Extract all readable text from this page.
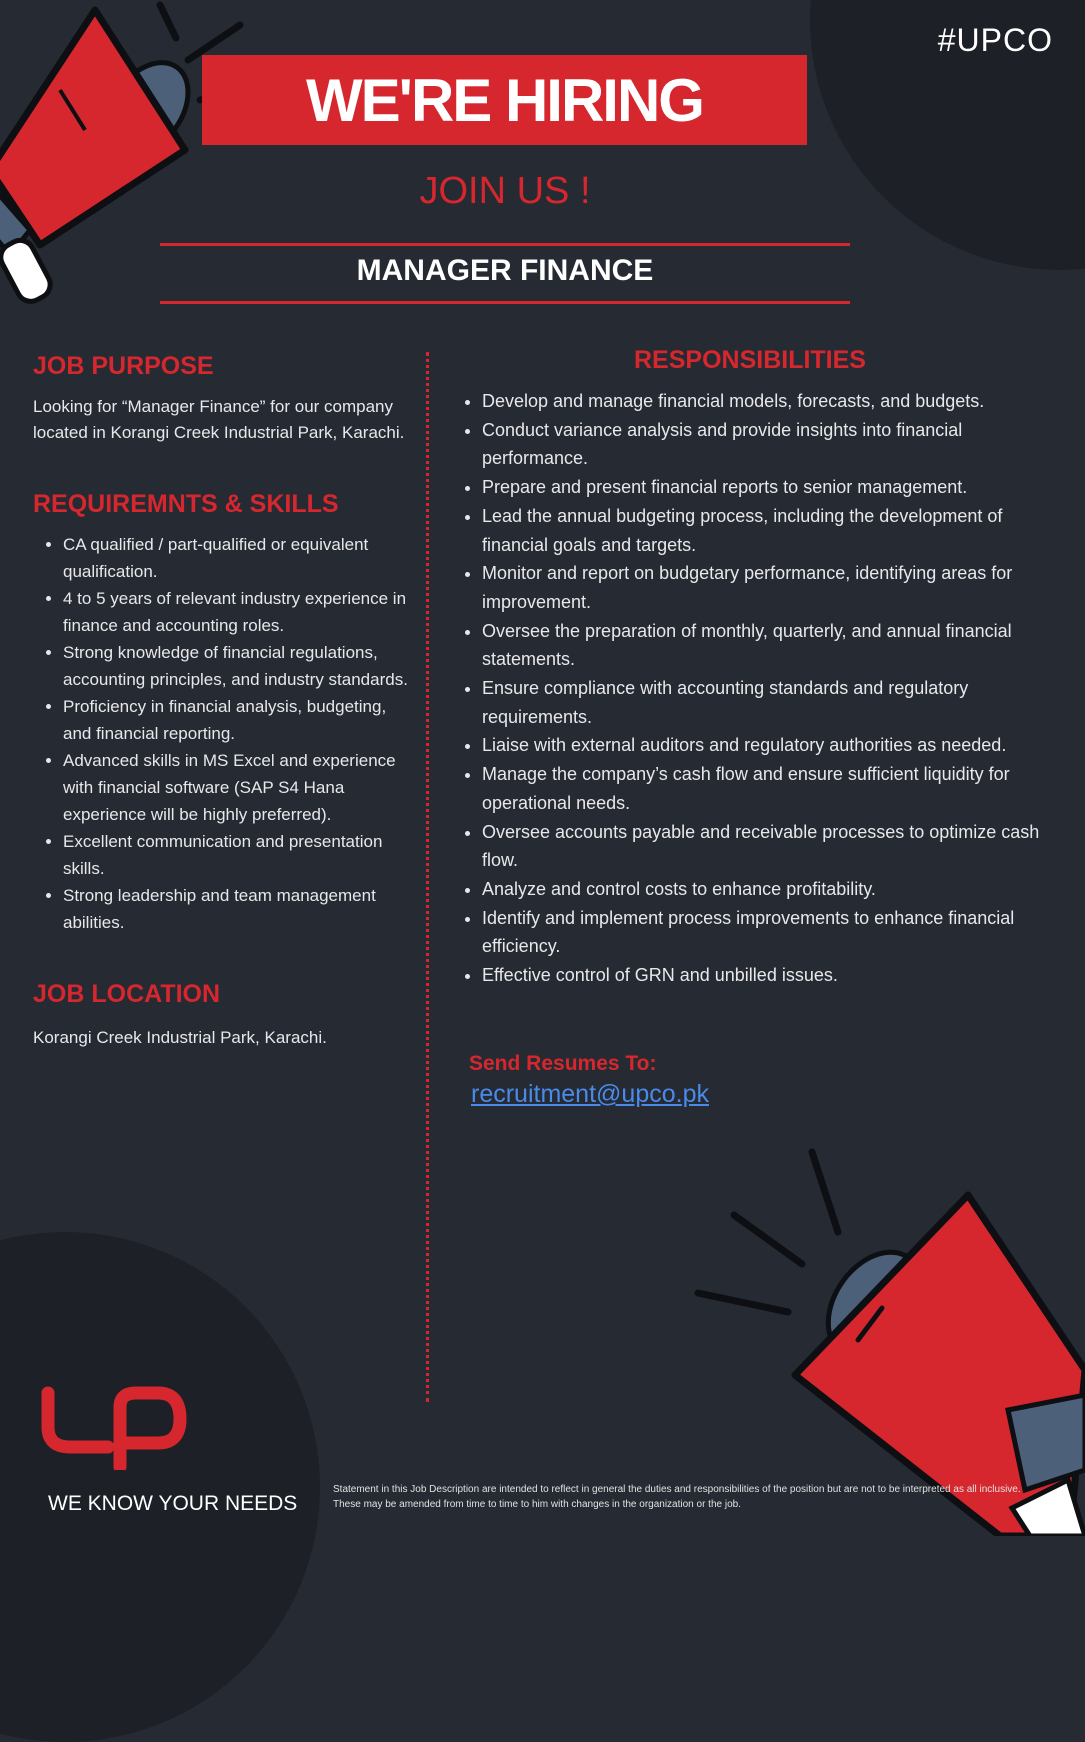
#UPCO
WE'RE HIRING
JOIN US !
MANAGER FINANCE
JOB PURPOSE

Looking for “Manager Finance” for our company located in Korangi Creek Industrial Park, Karachi.

REQUIREMNTS & SKILLS
• CA qualified / part-qualified or equivalent qualification.
• 4 to 5 years of relevant industry experience in finance and accounting roles.
• Strong knowledge of financial regulations, accounting principles, and industry standards.
• Proficiency in financial analysis, budgeting, and financial reporting.
• Advanced skills in MS Excel and experience with financial software (SAP S4 Hana experience will be highly preferred).
• Excellent communication and presentation skills.
• Strong leadership and team management abilities.
JOB LOCATION

Korangi Creek Industrial Park, Karachi.

RESPONSIBILITIES
• Develop and manage financial models, forecasts, and budgets.
• Conduct variance analysis and provide insights into financial performance.
• Prepare and present financial reports to senior management.
• Lead the annual budgeting process, including the development of financial goals and targets.
• Monitor and report on budgetary performance, identifying areas for improvement.
• Oversee the preparation of monthly, quarterly, and annual financial statements.
• Ensure compliance with accounting standards and regulatory requirements.
• Liaise with external auditors and regulatory authorities as needed.
• Manage the company’s cash flow and ensure sufficient liquidity for operational needs.
• Oversee accounts payable and receivable processes to optimize cash flow.
• Analyze and control costs to enhance profitability.
• Identify and implement process improvements to enhance financial efficiency.
• Effective control of GRN and unbilled issues.
Send Resumes To:
recruitment@upco.pk
WE KNOW YOUR NEEDS
Statement in this Job Description are intended to reflect in general the duties and responsibilities of the position but are not to be interpreted as all inclusive. These may be amended from time to time to him with changes in the organization or the job.
